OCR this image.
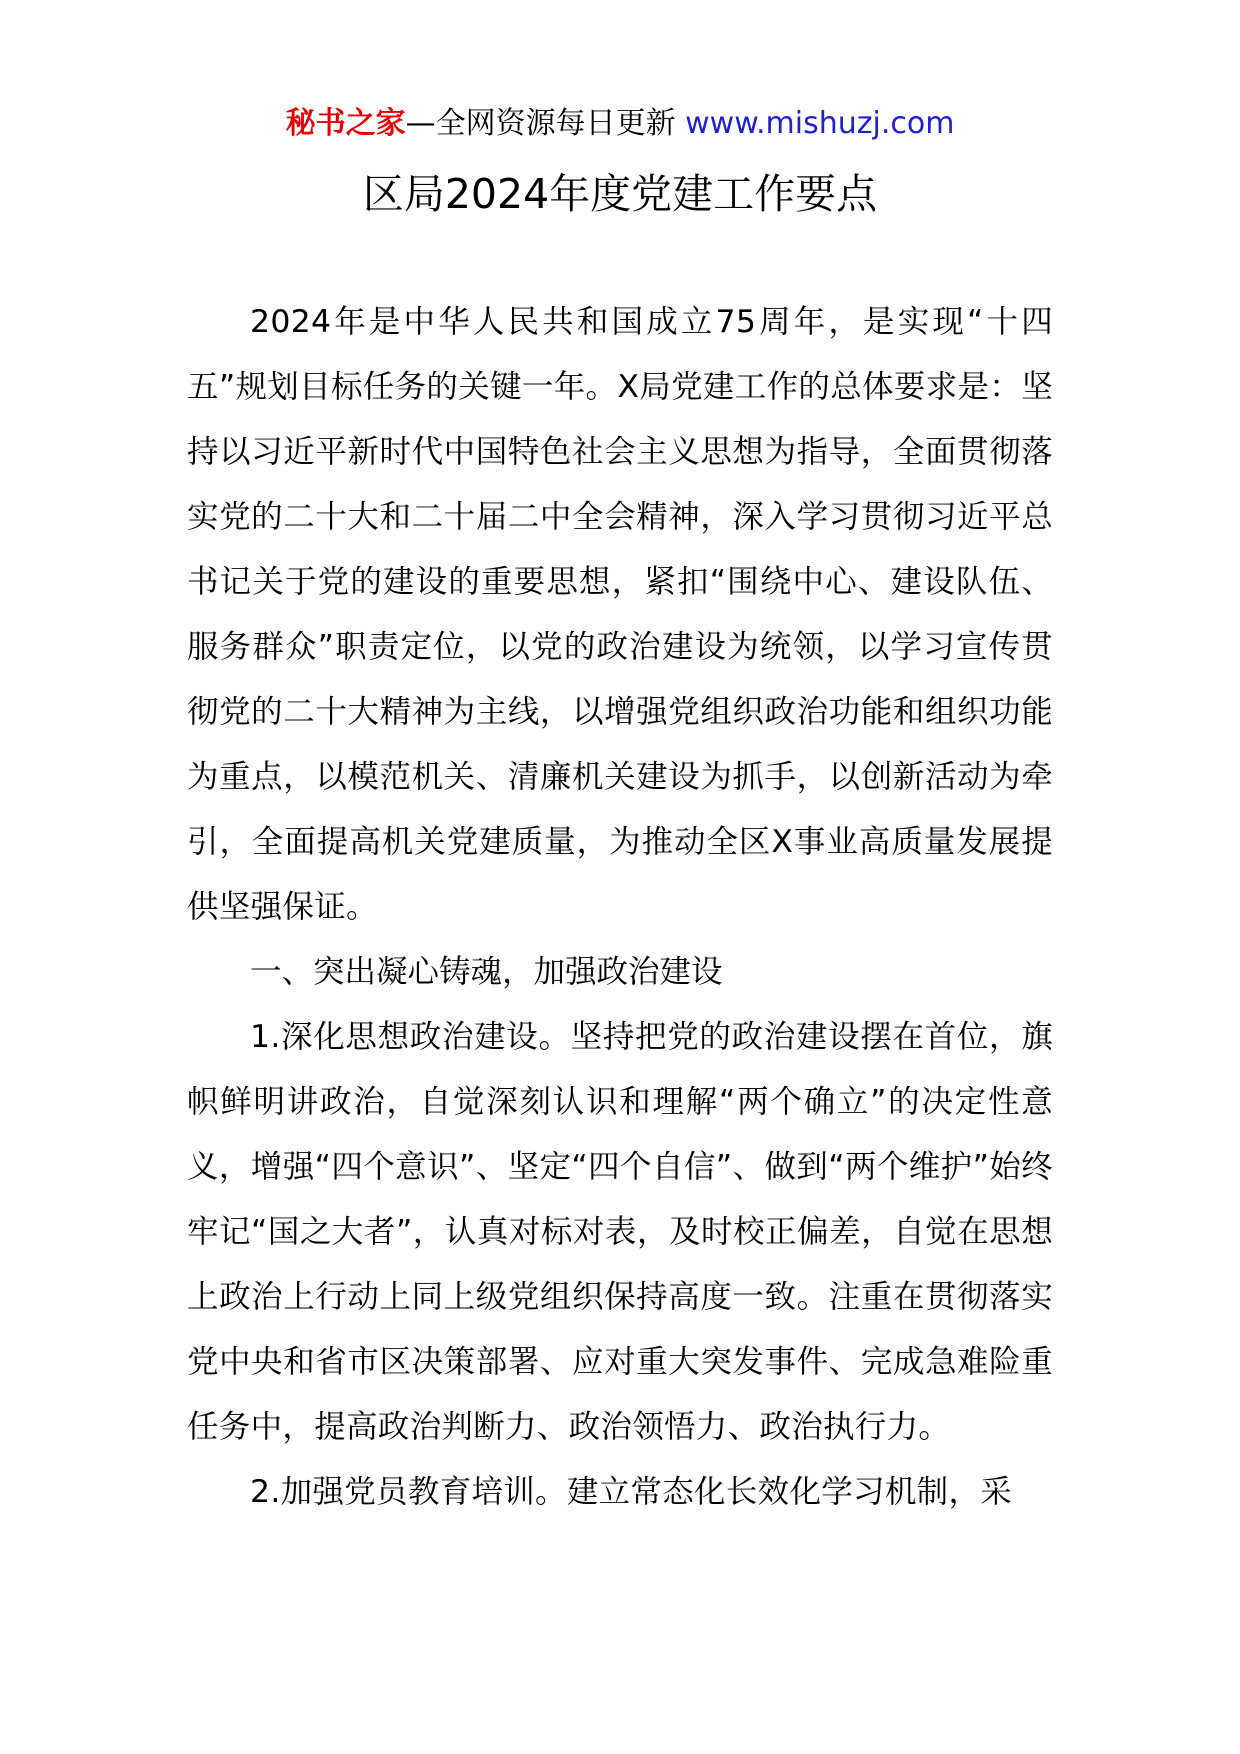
秘书之家—全网资源每日更新 www.mishuzj.com
区局2024年度党建工作要点

2024年是中华人民共和国成立75周年，是实现“十四五”规划目标任务的关键一年。X局党建工作的总体要求是：坚持以习近平新时代中国特色社会主义思想为指导，全面贯彻落实党的二十大和二十届二中全会精神，深入学习贯彻习近平总书记关于党的建设的重要思想，紧扣“围绕中心、建设队伍、服务群众”职责定位，以党的政治建设为统领，以学习宣传贯彻党的二十大精神为主线，以增强党组织政治功能和组织功能为重点，以模范机关、清廉机关建设为抓手，以创新活动为牵引，全面提高机关党建质量，为推动全区X事业高质量发展提供坚强保证。

一、突出凝心铸魂，加强政治建设

1.深化思想政治建设。坚持把党的政治建设摆在首位，旗帜鲜明讲政治，自觉深刻认识和理解“两个确立”的决定性意义，增强“四个意识”、坚定“四个自信”、做到“两个维护”始终牢记“国之大者”，认真对标对表，及时校正偏差，自觉在思想上政治上行动上同上级党组织保持高度一致。注重在贯彻落实党中央和省市区决策部署、应对重大突发事件、完成急难险重任务中，提高政治判断力、政治领悟力、政治执行力。

2.加强党员教育培训。建立常态化长效化学习机制，采
